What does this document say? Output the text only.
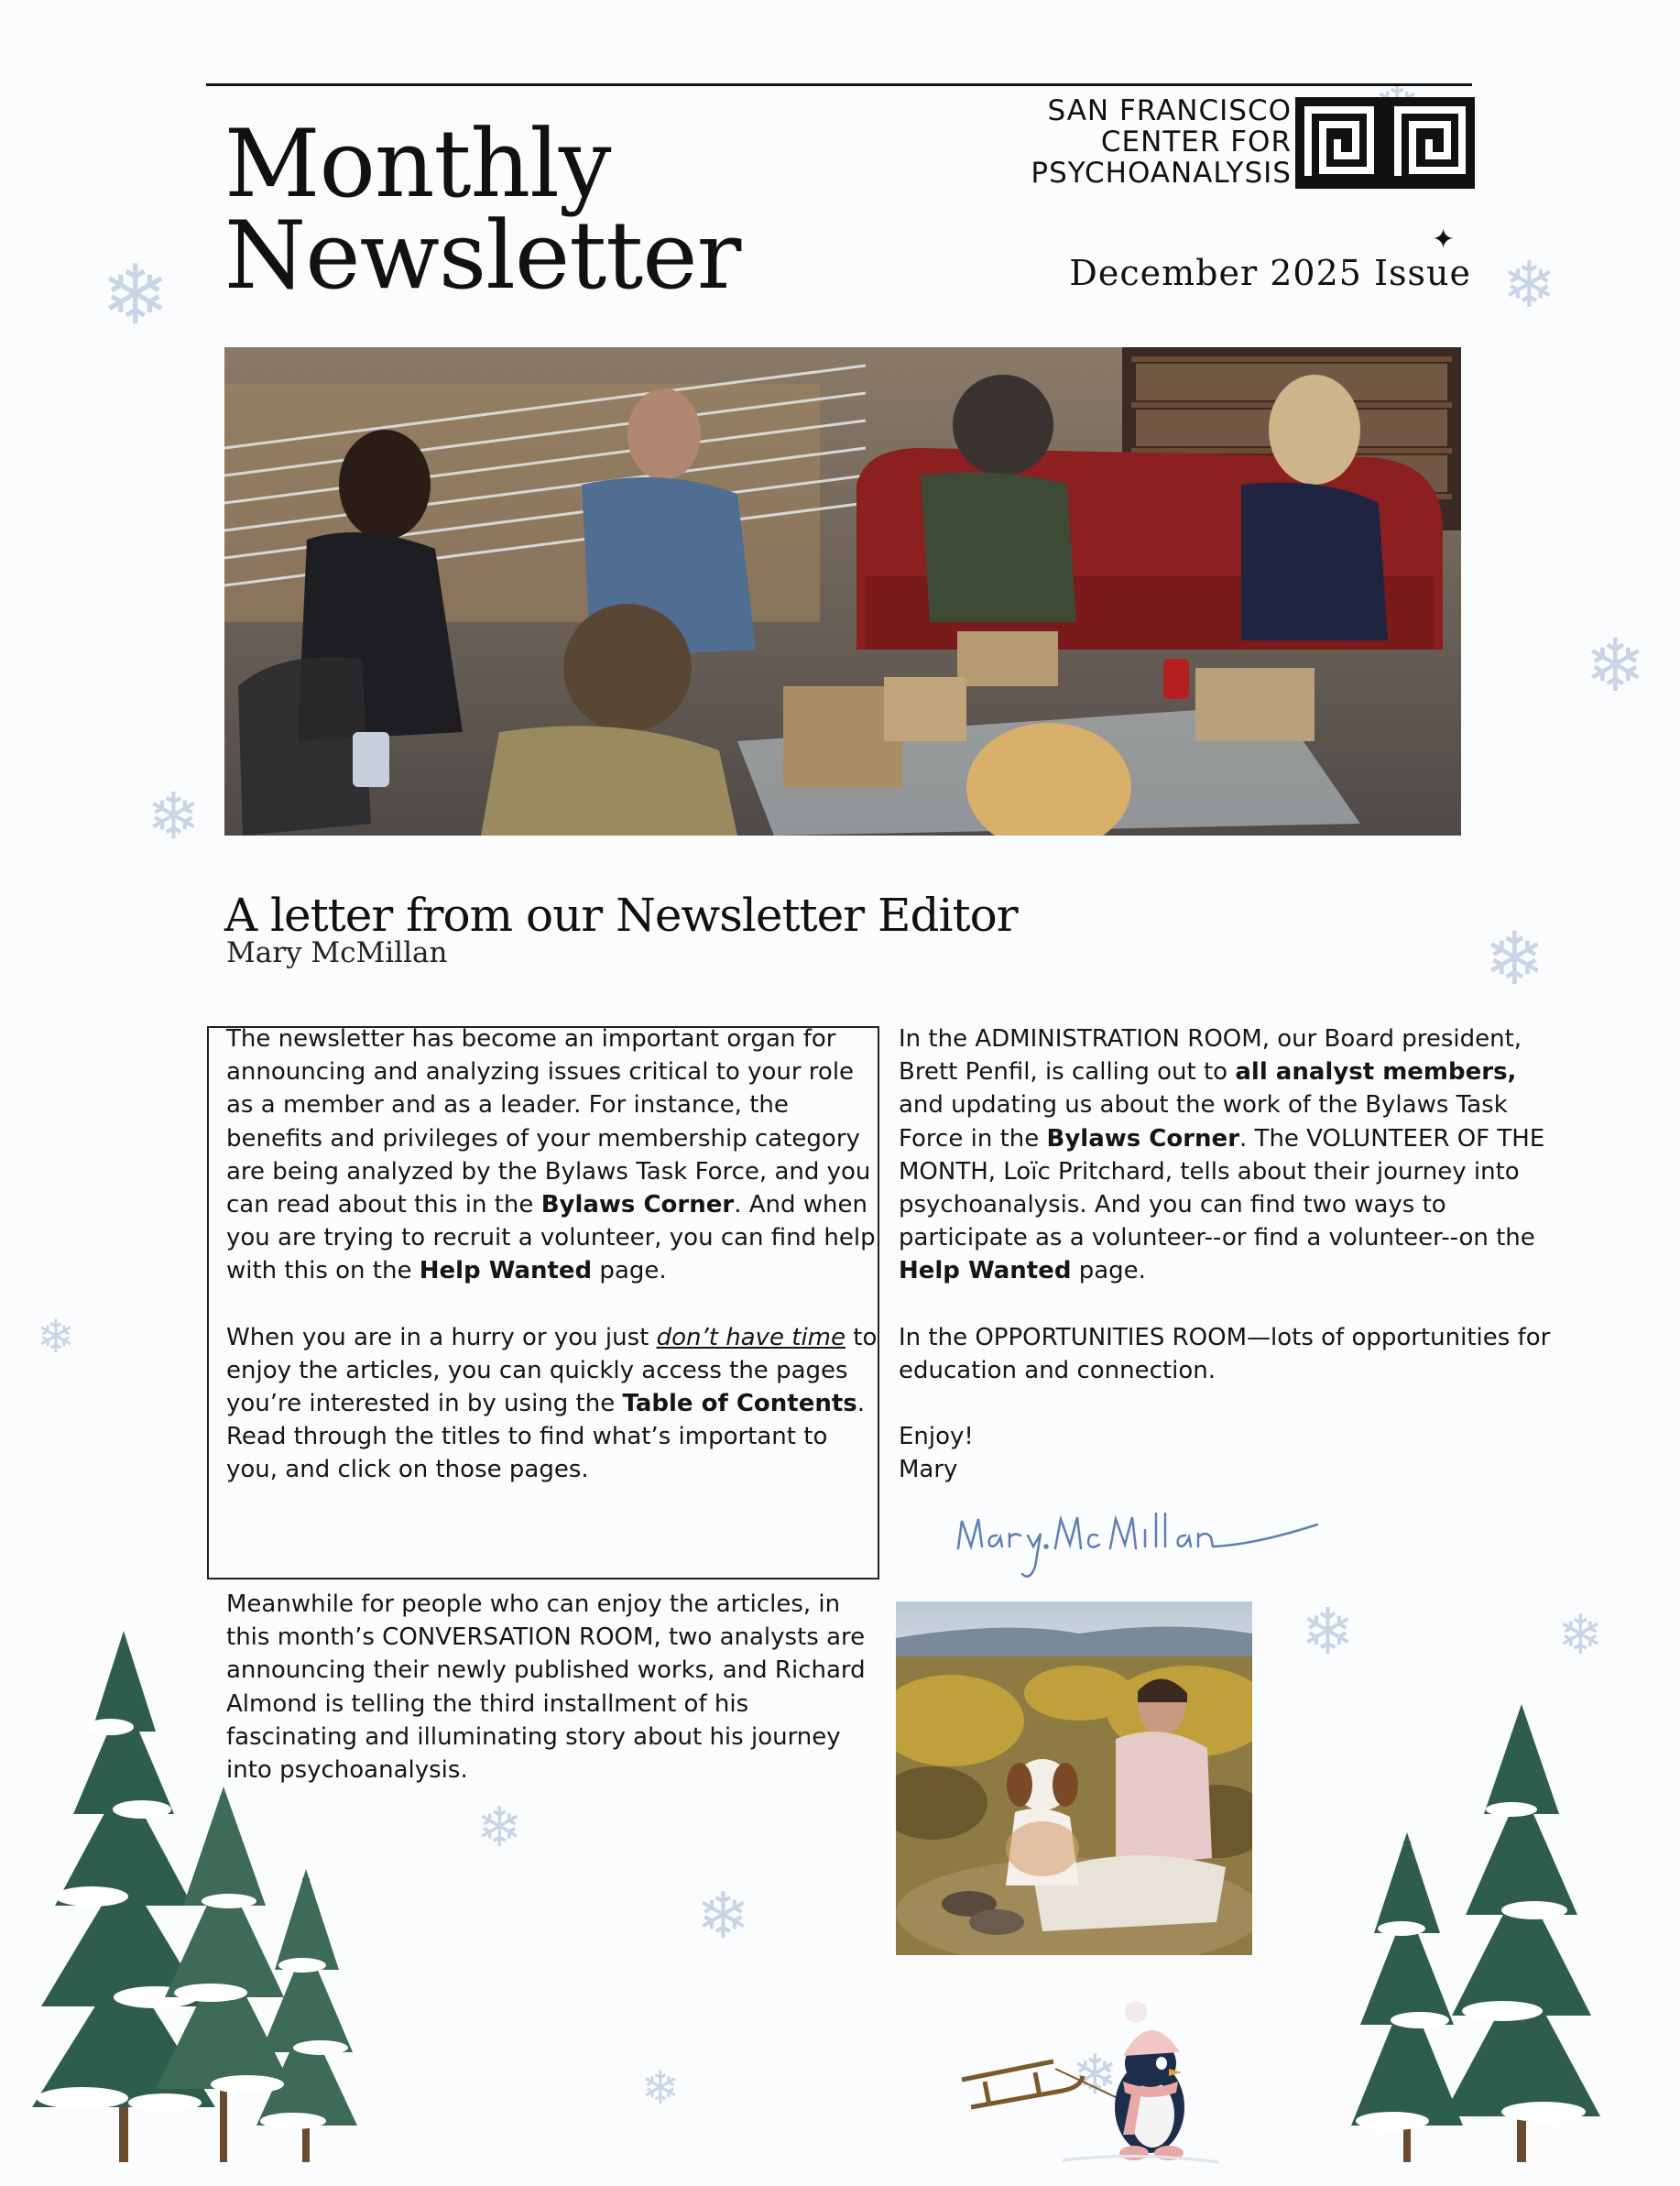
❄	❄
❄
❄
❄
❄	❄
❄
❄
❄	❄
❄
Monthly
Newsletter
SAN FRANCISCO
CENTER FOR
PSYCHOANALYSIS
✦
December 2025 Issue
A letter from our Newsletter Editor
Mary McMillan

The newsletter has become an important organ for announcing and analyzing issues critical to your role as a member and as a leader. For instance, the benefits and privileges of your membership category are being analyzed by the Bylaws Task Force, and you can read about this in the Bylaws Corner. And when you are trying to recruit a volunteer, you can find help with this on the Help Wanted page.

When you are in a hurry or you just don’t have time to enjoy the articles, you can quickly access the pages you’re interested in by using the Table of Contents. Read through the titles to find what’s important to you, and click on those pages.

Meanwhile for people who can enjoy the articles, in this month’s CONVERSATION ROOM, two analysts are announcing their newly published works, and Richard Almond is telling the third installment of his fascinating and illuminating story about his journey into psychoanalysis.

In the ADMINISTRATION ROOM, our Board president, Brett Penfil, is calling out to all analyst members, and updating us about the work of the Bylaws Task Force in the Bylaws Corner. The VOLUNTEER OF THE MONTH, Loïc Pritchard, tells about their journey into psychoanalysis. And you can find two ways to participate as a volunteer--or find a volunteer--on the Help Wanted page.

In the OPPORTUNITIES ROOM—lots of opportunities for education and connection.

Enjoy!
Mary
